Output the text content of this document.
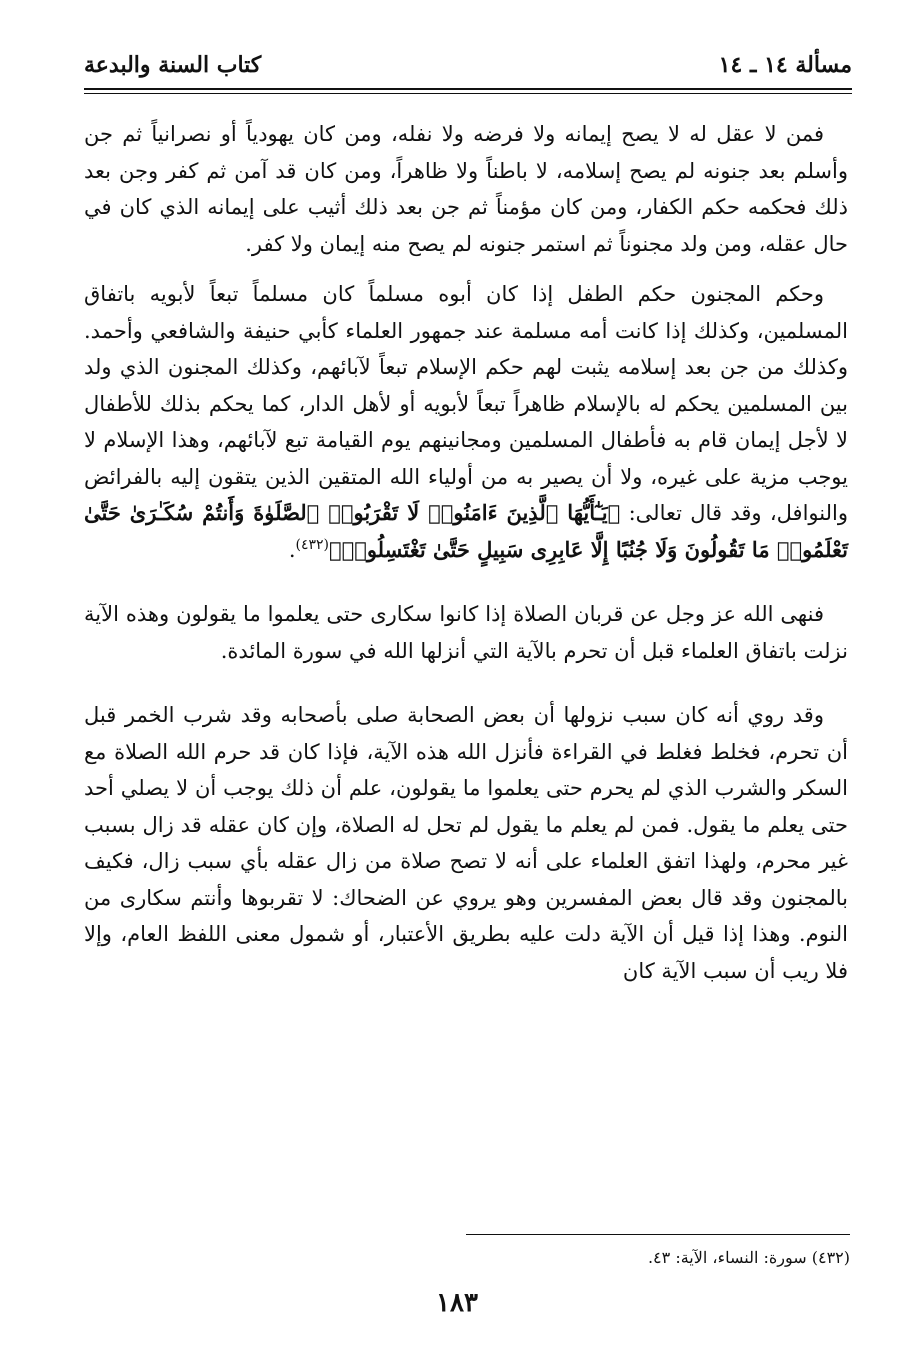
مسألة ١٤ ـ ١٤
كتاب السنة والبدعة

فمن لا عقل له لا يصح إيمانه ولا فرضه ولا نفله، ومن كان يهودياً أو نصرانياً ثم جن وأسلم بعد جنونه لم يصح إسلامه، لا باطناً ولا ظاهراً، ومن كان قد آمن ثم كفر وجن بعد ذلك فحكمه حكم الكفار، ومن كان مؤمناً ثم جن بعد ذلك أثيب على إيمانه الذي كان في حال عقله، ومن ولد مجنوناً ثم استمر جنونه لم يصح منه إيمان ولا كفر.

وحكم المجنون حكم الطفل إذا كان أبوه مسلماً كان مسلماً تبعاً لأبويه باتفاق المسلمين، وكذلك إذا كانت أمه مسلمة عند جمهور العلماء كأبي حنيفة والشافعي وأحمد. وكذلك من جن بعد إسلامه يثبت لهم حكم الإسلام تبعاً لآبائهم، وكذلك المجنون الذي ولد بين المسلمين يحكم له بالإسلام ظاهراً تبعاً لأبويه أو لأهل الدار، كما يحكم بذلك للأطفال لا لأجل إيمان قام به فأطفال المسلمين ومجانينهم يوم القيامة تبع لآبائهم، وهذا الإسلام لا يوجب مزية على غيره، ولا أن يصير به من أولياء الله المتقين الذين يتقون إليه بالفرائض والنوافل، وقد قال تعالى: ﴿يَـٰٓأَيُّهَا ٱلَّذِينَ ءَامَنُوا۟ لَا تَقْرَبُوا۟ ٱلصَّلَوٰةَ وَأَنتُمْ سُكَـٰرَىٰ حَتَّىٰ تَعْلَمُوا۟ مَا تَقُولُونَ وَلَا جُنُبًا إِلَّا عَابِرِى سَبِيلٍ حَتَّىٰ تَغْتَسِلُوا۟﴾$^{(٤٣٢)}$.

فنهى الله عز وجل عن قربان الصلاة إذا كانوا سكارى حتى يعلموا ما يقولون وهذه الآية نزلت باتفاق العلماء قبل أن تحرم بالآية التي أنزلها الله في سورة المائدة.

وقد روي أنه كان سبب نزولها أن بعض الصحابة صلى بأصحابه وقد شرب الخمر قبل أن تحرم، فخلط فغلط في القراءة فأنزل الله هذه الآية، فإذا كان قد حرم الله الصلاة مع السكر والشرب الذي لم يحرم حتى يعلموا ما يقولون، علم أن ذلك يوجب أن لا يصلي أحد حتى يعلم ما يقول. فمن لم يعلم ما يقول لم تحل له الصلاة، وإن كان عقله قد زال بسبب غير محرم، ولهذا اتفق العلماء على أنه لا تصح صلاة من زال عقله بأي سبب زال، فكيف بالمجنون وقد قال بعض المفسرين وهو يروي عن الضحاك: لا تقربوها وأنتم سكارى من النوم. وهذا إذا قيل أن الآية دلت عليه بطريق الأعتبار، أو شمول معنى اللفظ العام، وإلا فلا ريب أن سبب الآية كان

(٤٣٢) سورة: النساء، الآية: ٤٣.
١٨٣
